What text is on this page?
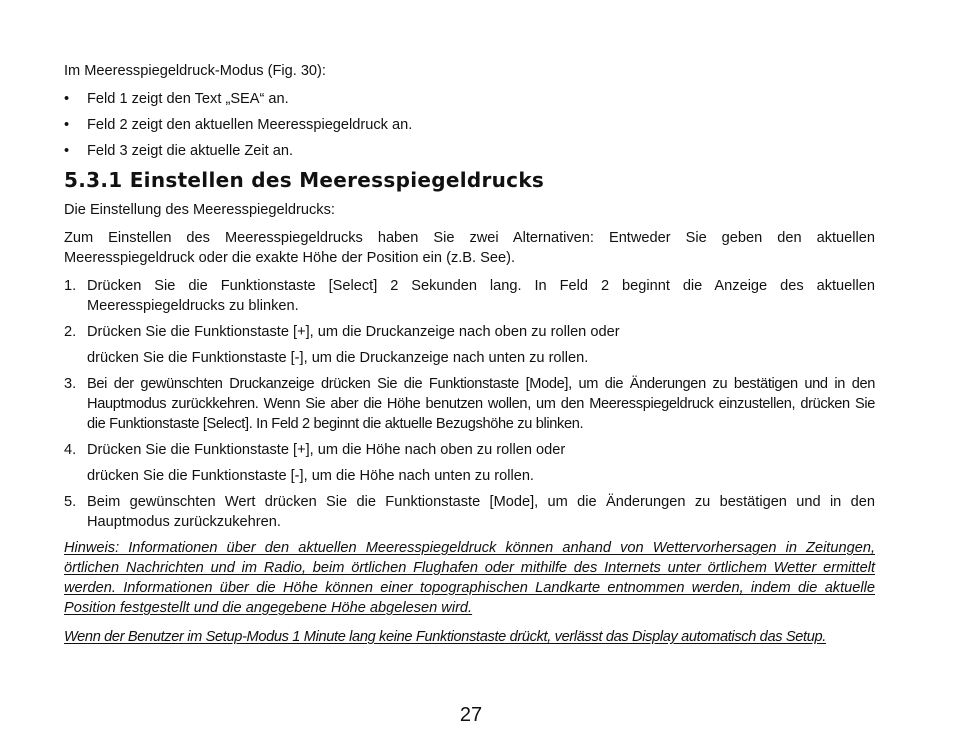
Im Meeresspiegeldruck-Modus (Fig. 30):

• Feld 1 zeigt den Text „SEA“ an.
• Feld 2 zeigt den aktuellen Meeresspiegeldruck an.
• Feld 3 zeigt die aktuelle Zeit an.
5.3.1 Einstellen des Meeresspiegeldrucks

Die Einstellung des Meeresspiegeldrucks:

Zum Einstellen des Meeresspiegeldrucks haben Sie zwei Alternativen: Entweder Sie geben den aktuellen Meeresspiegeldruck oder die exakte Höhe der Position ein (z.B. See).

1. Drücken Sie die Funktionstaste [Select] 2 Sekunden lang. In Feld 2 beginnt die Anzeige des aktuellen Meeresspiegeldrucks zu blinken.
2. Drücken Sie die Funktionstaste [+], um die Druckanzeige nach oben zu rollen oder
drücken Sie die Funktionstaste [-], um die Druckanzeige nach unten zu rollen.
3. Bei der gewünschten Druckanzeige drücken Sie die Funktionstaste [Mode], um die Änderungen zu bestätigen und in den Hauptmodus zurückkehren. Wenn Sie aber die Höhe benutzen wollen, um den Meeresspiegeldruck einzustellen, drücken Sie die Funktionstaste [Select]. In Feld 2 beginnt die aktuelle Bezugshöhe zu blinken.
4. Drücken Sie die Funktionstaste [+], um die Höhe nach oben zu rollen oder
drücken Sie die Funktionstaste [-], um die Höhe nach unten zu rollen.
5. Beim gewünschten Wert drücken Sie die Funktionstaste [Mode], um die Änderungen zu bestätigen und in den Hauptmodus zurückzukehren.

Hinweis: Informationen über den aktuellen Meeresspiegeldruck können anhand von Wettervorhersagen in Zeitungen, örtlichen Nachrichten und im Radio, beim örtlichen Flughafen oder mithilfe des Internets unter örtlichem Wetter ermittelt werden. Informationen über die Höhe können einer topographischen Landkarte entnommen werden, indem die aktuelle Position festgestellt und die angegebene Höhe abgelesen wird.

Wenn der Benutzer im Setup-Modus 1 Minute lang keine Funktionstaste drückt, verlässt das Display automatisch das Setup.

27
